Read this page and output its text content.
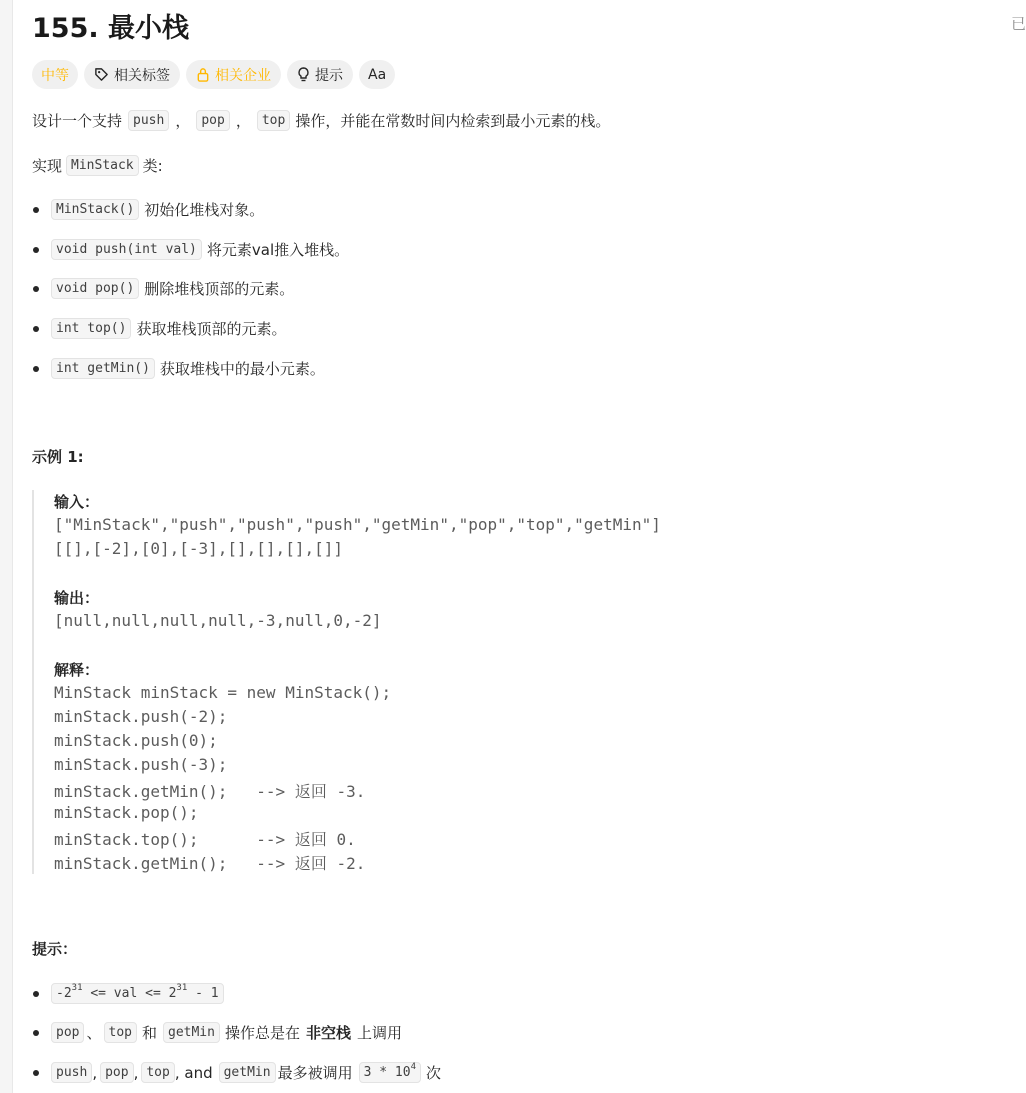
155. 最小栈	已
中等	相关标签	相关企业	提示 Aa
设计一个支持 push ， pop ， top 操作，并能在常数时间内检索到最小元素的栈。
实现 MinStack 类:
MinStack() 初始化堆栈对象。
void push(int val) 将元素val推入堆栈。
void pop() 删除堆栈顶部的元素。
int top() 获取堆栈顶部的元素。
int getMin() 获取堆栈中的最小元素。
示例 1:
输入：
["MinStack","push","push","push","getMin","pop","top","getMin"]
[[],[-2],[0],[-3],[],[],[],[]]
输出：
[null,null,null,null,-3,null,0,-2]
解释：
MinStack minStack = new MinStack();
minStack.push(-2);
minStack.push(0);
minStack.push(-3);
minStack.getMin();   --> 返回 -3.
minStack.pop();
minStack.top();      --> 返回 0.
minStack.getMin();   --> 返回 -2.
提示：
$-2^{31}$ <= val <= $2^{31} - 1$
pop 、 top 和 getMin 操作总是在 非空栈 上调用
push , pop , top , and getMin 最多被调用 $3 * 10^4$ 次
